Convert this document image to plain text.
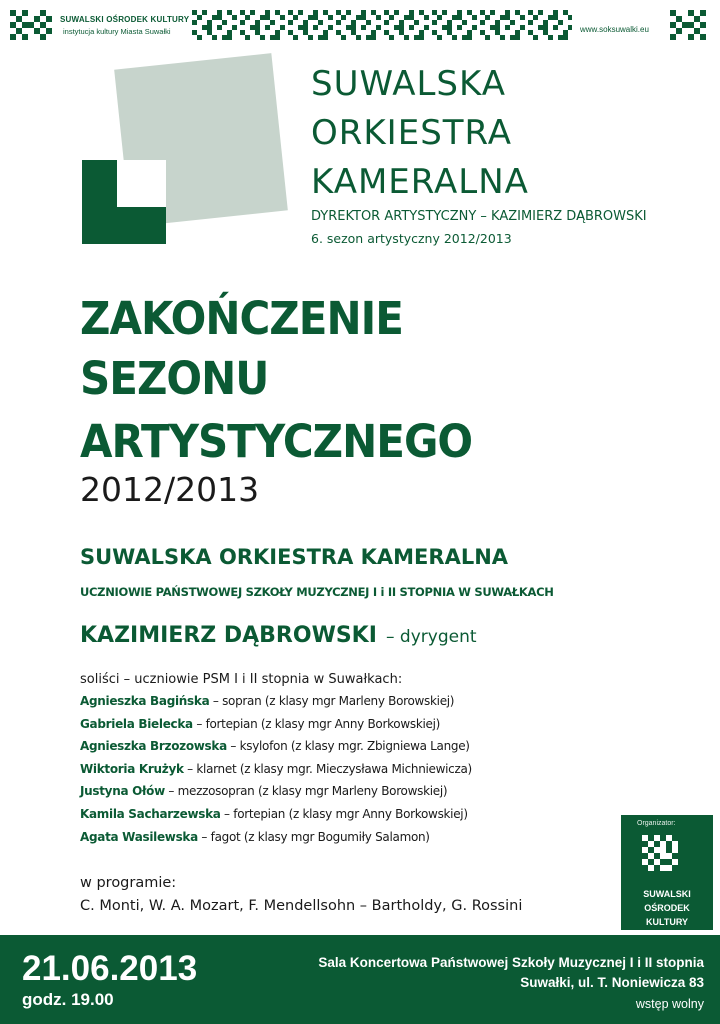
SUWALSKI OŚRODEK KULTURY
instytucja kultury Miasta Suwałki	www.soksuwalki.eu
SUWALSKA
ORKIESTRA
KAMERALNA
DYREKTOR ARTYSTYCZNY – KAZIMIERZ DĄBROWSKI
6. sezon artystyczny 2012/2013
ZAKOŃCZENIE
SEZONU
ARTYSTYCZNEGO
2012/2013
SUWALSKA ORKIESTRA KAMERALNA
UCZNIOWIE PAŃSTWOWEJ SZKOŁY MUZYCZNEJ I i II STOPNIA W SUWAŁKACH
KAZIMIERZ DĄBROWSKI – dyrygent
soliści – uczniowie PSM I i II stopnia w Suwałkach:
Agnieszka Bagińska – sopran (z klasy mgr Marleny Borowskiej)
Gabriela Bielecka – fortepian (z klasy mgr Anny Borkowskiej)
Agnieszka Brzozowska – ksylofon (z klasy mgr. Zbigniewa Lange)
Wiktoria Krużyk – klarnet (z klasy mgr. Mieczysława Michniewicza)
Justyna Ołów – mezzosopran (z klasy mgr Marleny Borowskiej)
Kamila Sacharzewska – fortepian (z klasy mgr Anny Borkowskiej)
Agata Wasilewska – fagot (z klasy mgr Bogumiły Salamon)
w programie:
C. Monti, W. A. Mozart, F. Mendellsohn – Bartholdy, G. Rossini
Organizator:
SUWALSKI
OŚRODEK
KULTURY
21.06.2013
godz. 19.00
Sala Koncertowa Państwowej Szkoły Muzycznej I i II stopnia
Suwałki, ul. T. Noniewicza 83
wstęp wolny
